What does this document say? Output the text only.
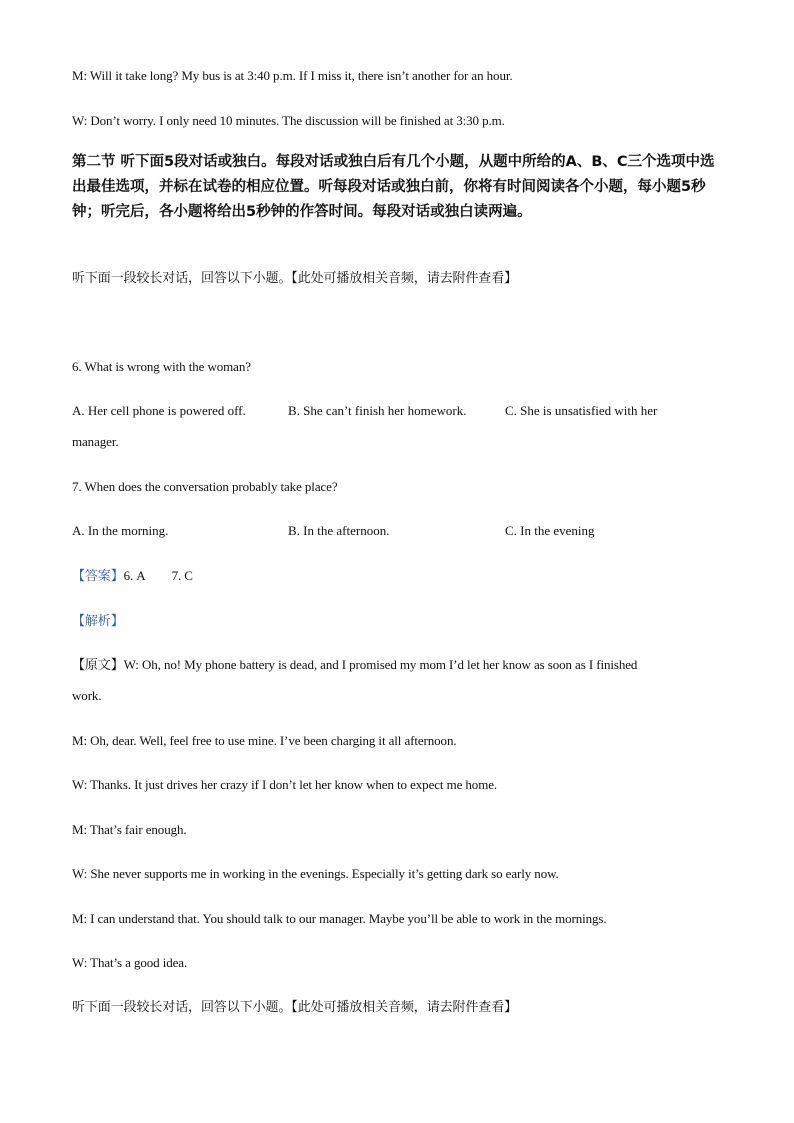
M: Will it take long? My bus is at 3:40 p.m. If I miss it, there isn’t another for an hour.
W: Don’t worry. I only need 10 minutes. The discussion will be finished at 3:30 p.m.
第二节 听下面5段对话或独白。每段对话或独白后有几个小题，从题中所给的A、B、C三个选项中选出最佳选项，并标在试卷的相应位置。听每段对话或独白前，你将有时间阅读各个小题，每小题5秒钟；听完后，各小题将给出5秒钟的作答时间。每段对话或独白读两遍。
听下面一段较长对话，回答以下小题。【此处可播放相关音频，请去附件查看】
6. What is wrong with the woman?
A. Her cell phone is powered off.	B. She can’t finish her homework.	C. She is unsatisfied with her
manager.
7. When does the conversation probably take place?
A. In the morning.	B. In the afternoon.	C. In the evening
【答案】6. A 7. C
【解析】
【原文】W: Oh, no! My phone battery is dead, and I promised my mom I’d let her know as soon as I finished
work.
M: Oh, dear. Well, feel free to use mine. I’ve been charging it all afternoon.
W: Thanks. It just drives her crazy if I don’t let her know when to expect me home.
M: That’s fair enough.
W: She never supports me in working in the evenings. Especially it’s getting dark so early now.
M: I can understand that. You should talk to our manager. Maybe you’ll be able to work in the mornings.
W: That’s a good idea.
听下面一段较长对话，回答以下小题。【此处可播放相关音频，请去附件查看】
